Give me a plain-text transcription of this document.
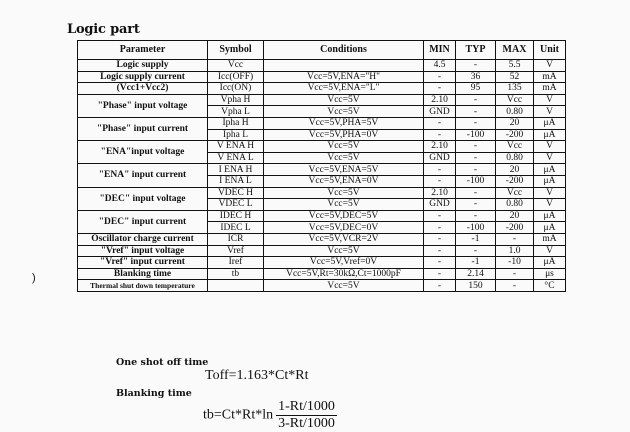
Logic part
Parameter	Symbol	Conditions	MIN	TYP	MAX	Unit
Logic supply	Vcc		4.5	-	5.5	V
Logic supply current	Icc(OFF)	Vcc=5V,ENA="H"	-	36	52	mA
(Vcc1+Vcc2)	Icc(ON)	Vcc=5V,ENA="L"	-	95	135	mA
"Phase" input voltage	Vpha H	Vcc=5V	2.10	-	Vcc	V
	Vpha L	Vcc=5V	GND	-	0.80	V
"Phase" input current	Ipha H	Vcc=5V,PHA=5V	-	-	20	μA
	Ipha L	Vcc=5V,PHA=0V	-	-100	-200	μA
"ENA"input voltage	V ENA H	Vcc=5V	2.10	-	Vcc	V
	V ENA L	Vcc=5V	GND	-	0.80	V
"ENA" input current	I ENA H	Vcc=5V,ENA=5V	-	-	20	μA
	I ENA L	Vcc=5V,ENA=0V	-	-100	-200	μA
"DEC" input voltage	VDEC H	Vcc=5V	2.10	-	Vcc	V
	VDEC L	Vcc=5V	GND	-	0.80	V
"DEC" input current	IDEC H	Vcc=5V,DEC=5V	-	-	20	μA
	IDEC L	Vcc=5V,DEC=0V	-	-100	-200	μA
Oscillator charge current	ICR	Vcc=5V,VCR=2V	-	-1	-	mA
"Vref" input voltage	Vref	Vcc=5V	-	-	1.0	V
"Vref" input current	Iref	Vcc=5V,Vref=0V	-	-1	-10	μA
Blanking time	tb	Vcc=5V,Rt=30kΩ,Ct=1000pF	-	2.14	-	μs
Thermal shut down temperature		Vcc=5V	-	150	-	°C
One shot off time
Toff=1.163*Ct*Rt
Blanking time
$tb=Ct*Rt*\ln \frac{1-Rt/1000}{3-Rt/1000}$
)
